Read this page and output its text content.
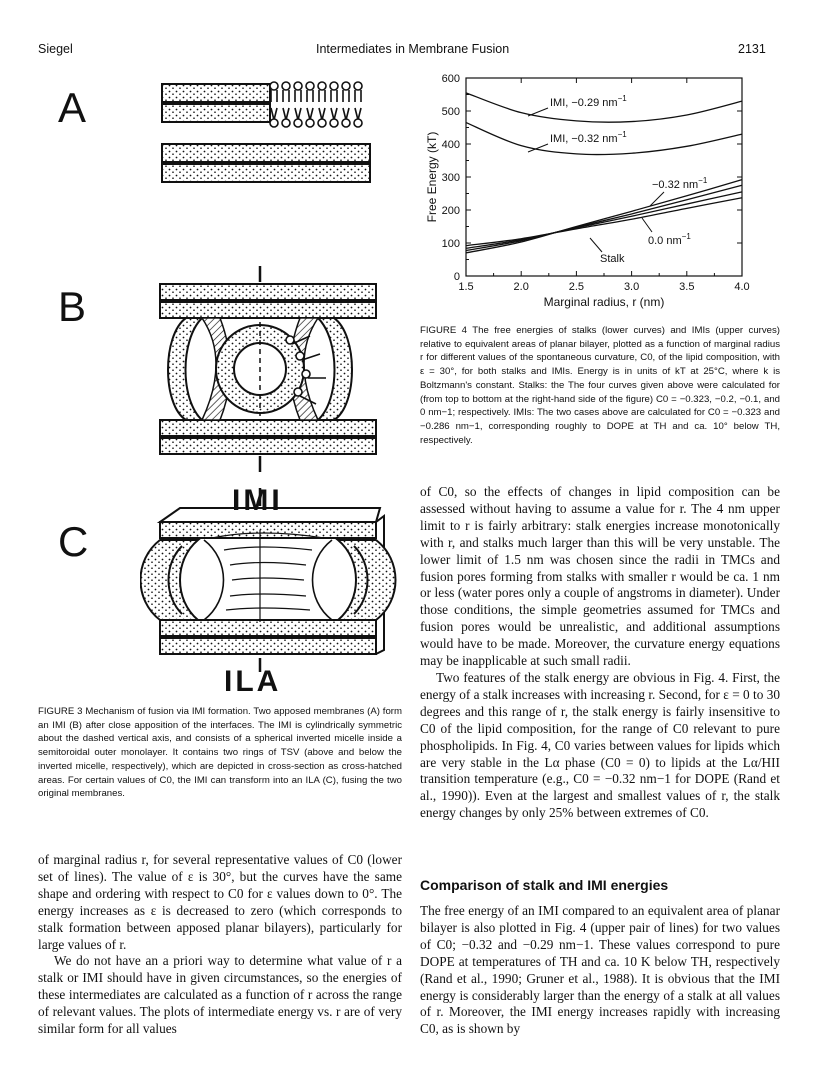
Siegel	Intermediates in Membrane Fusion	2131
A
B
C
IMI
ILA
FIGURE 3 Mechanism of fusion via IMI formation. Two apposed membranes (A) form an IMI (B) after close apposition of the interfaces. The IMI is cylindrically symmetric about the dashed vertical axis, and consists of a spherical inverted micelle inside a semitoroidal outer monolayer. It contains two rings of TSV (above and below the inverted micelle, respectively), which are depicted in cross-section as cross-hatched areas. For certain values of C0, the IMI can transform into an ILA (C), fusing the two original membranes.
1.5	2.0	2.5	3.0	3.5	4.0
0
100
200
300
400
500
600
Marginal radius, r (nm)
Free Energy (kT)
IMI, −0.29 $nm^{-1}$
IMI, −0.32 $nm^{-1}$
−0.32 $nm^{-1}$
0.0 $nm^{-1}$
Stalk
FIGURE 4 The free energies of stalks (lower curves) and IMIs (upper curves) relative to equivalent areas of planar bilayer, plotted as a function of marginal radius r for different values of the spontaneous curvature, C0, of the lipid composition, with ε = 30°, for both stalks and IMIs. Energy is in units of kT at 25°C, where k is Boltzmann's constant. Stalks: the The four curves given above were calculated for (from top to bottom at the right-hand side of the figure) C0 = −0.323, −0.2, −0.1, and 0 nm−1; respectively. IMIs: The two cases above are calculated for C0 = −0.323 and −0.286 nm−1, corresponding roughly to DOPE at TH and ca. 10° below TH, respectively.

of C0, so the effects of changes in lipid composition can be assessed without having to assume a value for r. The 4 nm upper limit to r is fairly arbitrary: stalk energies increase monotonically with r, and stalks much larger than this will be very unstable. The lower limit of 1.5 nm was chosen since the radii in TMCs and fusion pores forming from stalks with smaller r would be ca. 1 nm or less (water pores only a couple of angstroms in diameter). Under those conditions, the simple geometries assumed for TMCs and fusion pores would be unrealistic, and additional assumptions would have to be made. Moreover, the curvature energy equations may be inapplicable at such small radii.

Two features of the stalk energy are obvious in Fig. 4. First, the energy of a stalk increases with increasing r. Second, for ε = 0 to 30 degrees and this range of r, the stalk energy is fairly insensitive to C0 of the lipid composition, for the range of C0 relevant to pure phospholipids. In Fig. 4, C0 varies between values for lipids which are very stable in the Lα phase (C0 = 0) to lipids at the Lα/HII transition temperature (e.g., C0 = −0.32 nm−1 for DOPE (Rand et al., 1990)). Even at the largest and smallest values of r, the stalk energy changes by only 25% between extremes of C0.

Comparison of stalk and IMI energies

The free energy of an IMI compared to an equivalent area of planar bilayer is also plotted in Fig. 4 (upper pair of lines) for two values of C0; −0.32 and −0.29 nm−1. These values correspond to pure DOPE at temperatures of TH and ca. 10 K below TH, respectively (Rand et al., 1990; Gruner et al., 1988). It is obvious that the IMI energy is considerably larger than the energy of a stalk at all values of r. Moreover, the IMI energy increases rapidly with increasing C0, as is shown by

of marginal radius r, for several representative values of C0 (lower set of lines). The value of ε is 30°, but the curves have the same shape and ordering with respect to C0 for ε values down to 0°. The energy increases as ε is decreased to zero (which corresponds to stalk formation between apposed planar bilayers), particularly for large values of r.

We do not have an a priori way to determine what value of r a stalk or IMI should have in given circumstances, so the energies of these intermediates are calculated as a function of r across the range of relevant values. The plots of intermediate energy vs. r are of very similar form for all values
